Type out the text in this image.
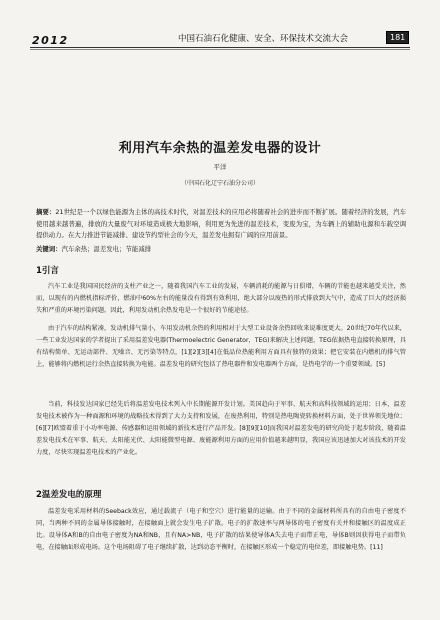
2012	中国石油石化健康、安全、环保技术交流大会	181
利用汽车余热的温差发电器的设计
平洋
（中国石化辽宁石油分公司）
摘要：21世纪是一个以绿色能源为主体的高技术时代，对温差技术的应用必将随着社会的进步而不断扩展。随着经济的发展，汽车使用越来越普遍，排放的大量废气对环境造成极大地影响，利用更为先进的温差技术，变废为宝，为车辆上的辅助电源和车载空调提供动力。在大力推进节能减排、建设节约型社会的今天，温差发电拥有广阔的应用前景。
关键词：汽车余热；温差发电；节能减排
1引言
汽车工业是我国国民经济的支柱产业之一，随着我国汽车工业的发展，车辆消耗的能源与日俱增，车辆的节能也越来越受关注，然而，以现有的内燃机指标评价，燃油中60%左右的能量没有得到有效利用，绝大部分以废热的形式排放到大气中，造成了巨大的经济损失和严重的环境污染问题。因此，利用发动机余热发电是一个很好的节能途径。
由于汽车的结构紧凑，发动机排气量小，车用发动机余热的利用相对于大型工业设备余热回收来说难度更大。20世纪70年代以来，一些工业发达国家的学者提出了采用温差发电器(Thermoelectric Generator，TEG)来解决上述问题，TEG依据热电直接转换原理，具有结构简单、无运动部件、无噪音、无污染等特点，[1][2][3][4]在低品位热能利用方面具有独特的效果；把它安装在内燃机的排气管上，能够将内燃机运行余热直接转换为电能。温差发电的研究包括了热电器件和发电器两个方面，是热电学的一个重要领域。[5]
当前，科技发达国家已经先后将温差发电技术列入中长期能源开发计划。美国趋向于军事、航天和高科技领域的运用；日本，温差发电技术被作为一种面源和环境的战略技术得到了大力支持和发展，在废热利用，特别是热电陶瓷转换材料方面，处于世界领先地位；[6][7]欧盟着重于小功率电源、传感器和运用领域的新技术进行产品开发。[8][9][10]而我国对温差发电的研究尚处于起步阶段，随着温差发电技术在军事、航天、太阳能光伏、太阳能微型电源、废能源利用方面的应用价值越来越明显，我国应该迅速加大对该技术的开发力度，尽快实现温差电技术的产业化。
2温差发电的原理
温差发电采用材料的Seeback效应，通过载流子（电子和空穴）进行能量的运输。由于不同的金属材料所具有的自由电子密度不同，当两种不同的金属导体接触时，在接触面上就会发生电子扩散。电子的扩散速率与两导体的电子密度有关并和接触区的温度成正比。设导体A和B的自由电子密度为NA和NB，且有NA>NB，电子扩散的结果使导体A失去电子而带正电，导体B则因获得电子而带负电，在接触面形成电场。这个电场阻碍了电子继续扩散，达到动态平衡时，在接触区形成一个稳定的电位差，即接触电势。[11]
